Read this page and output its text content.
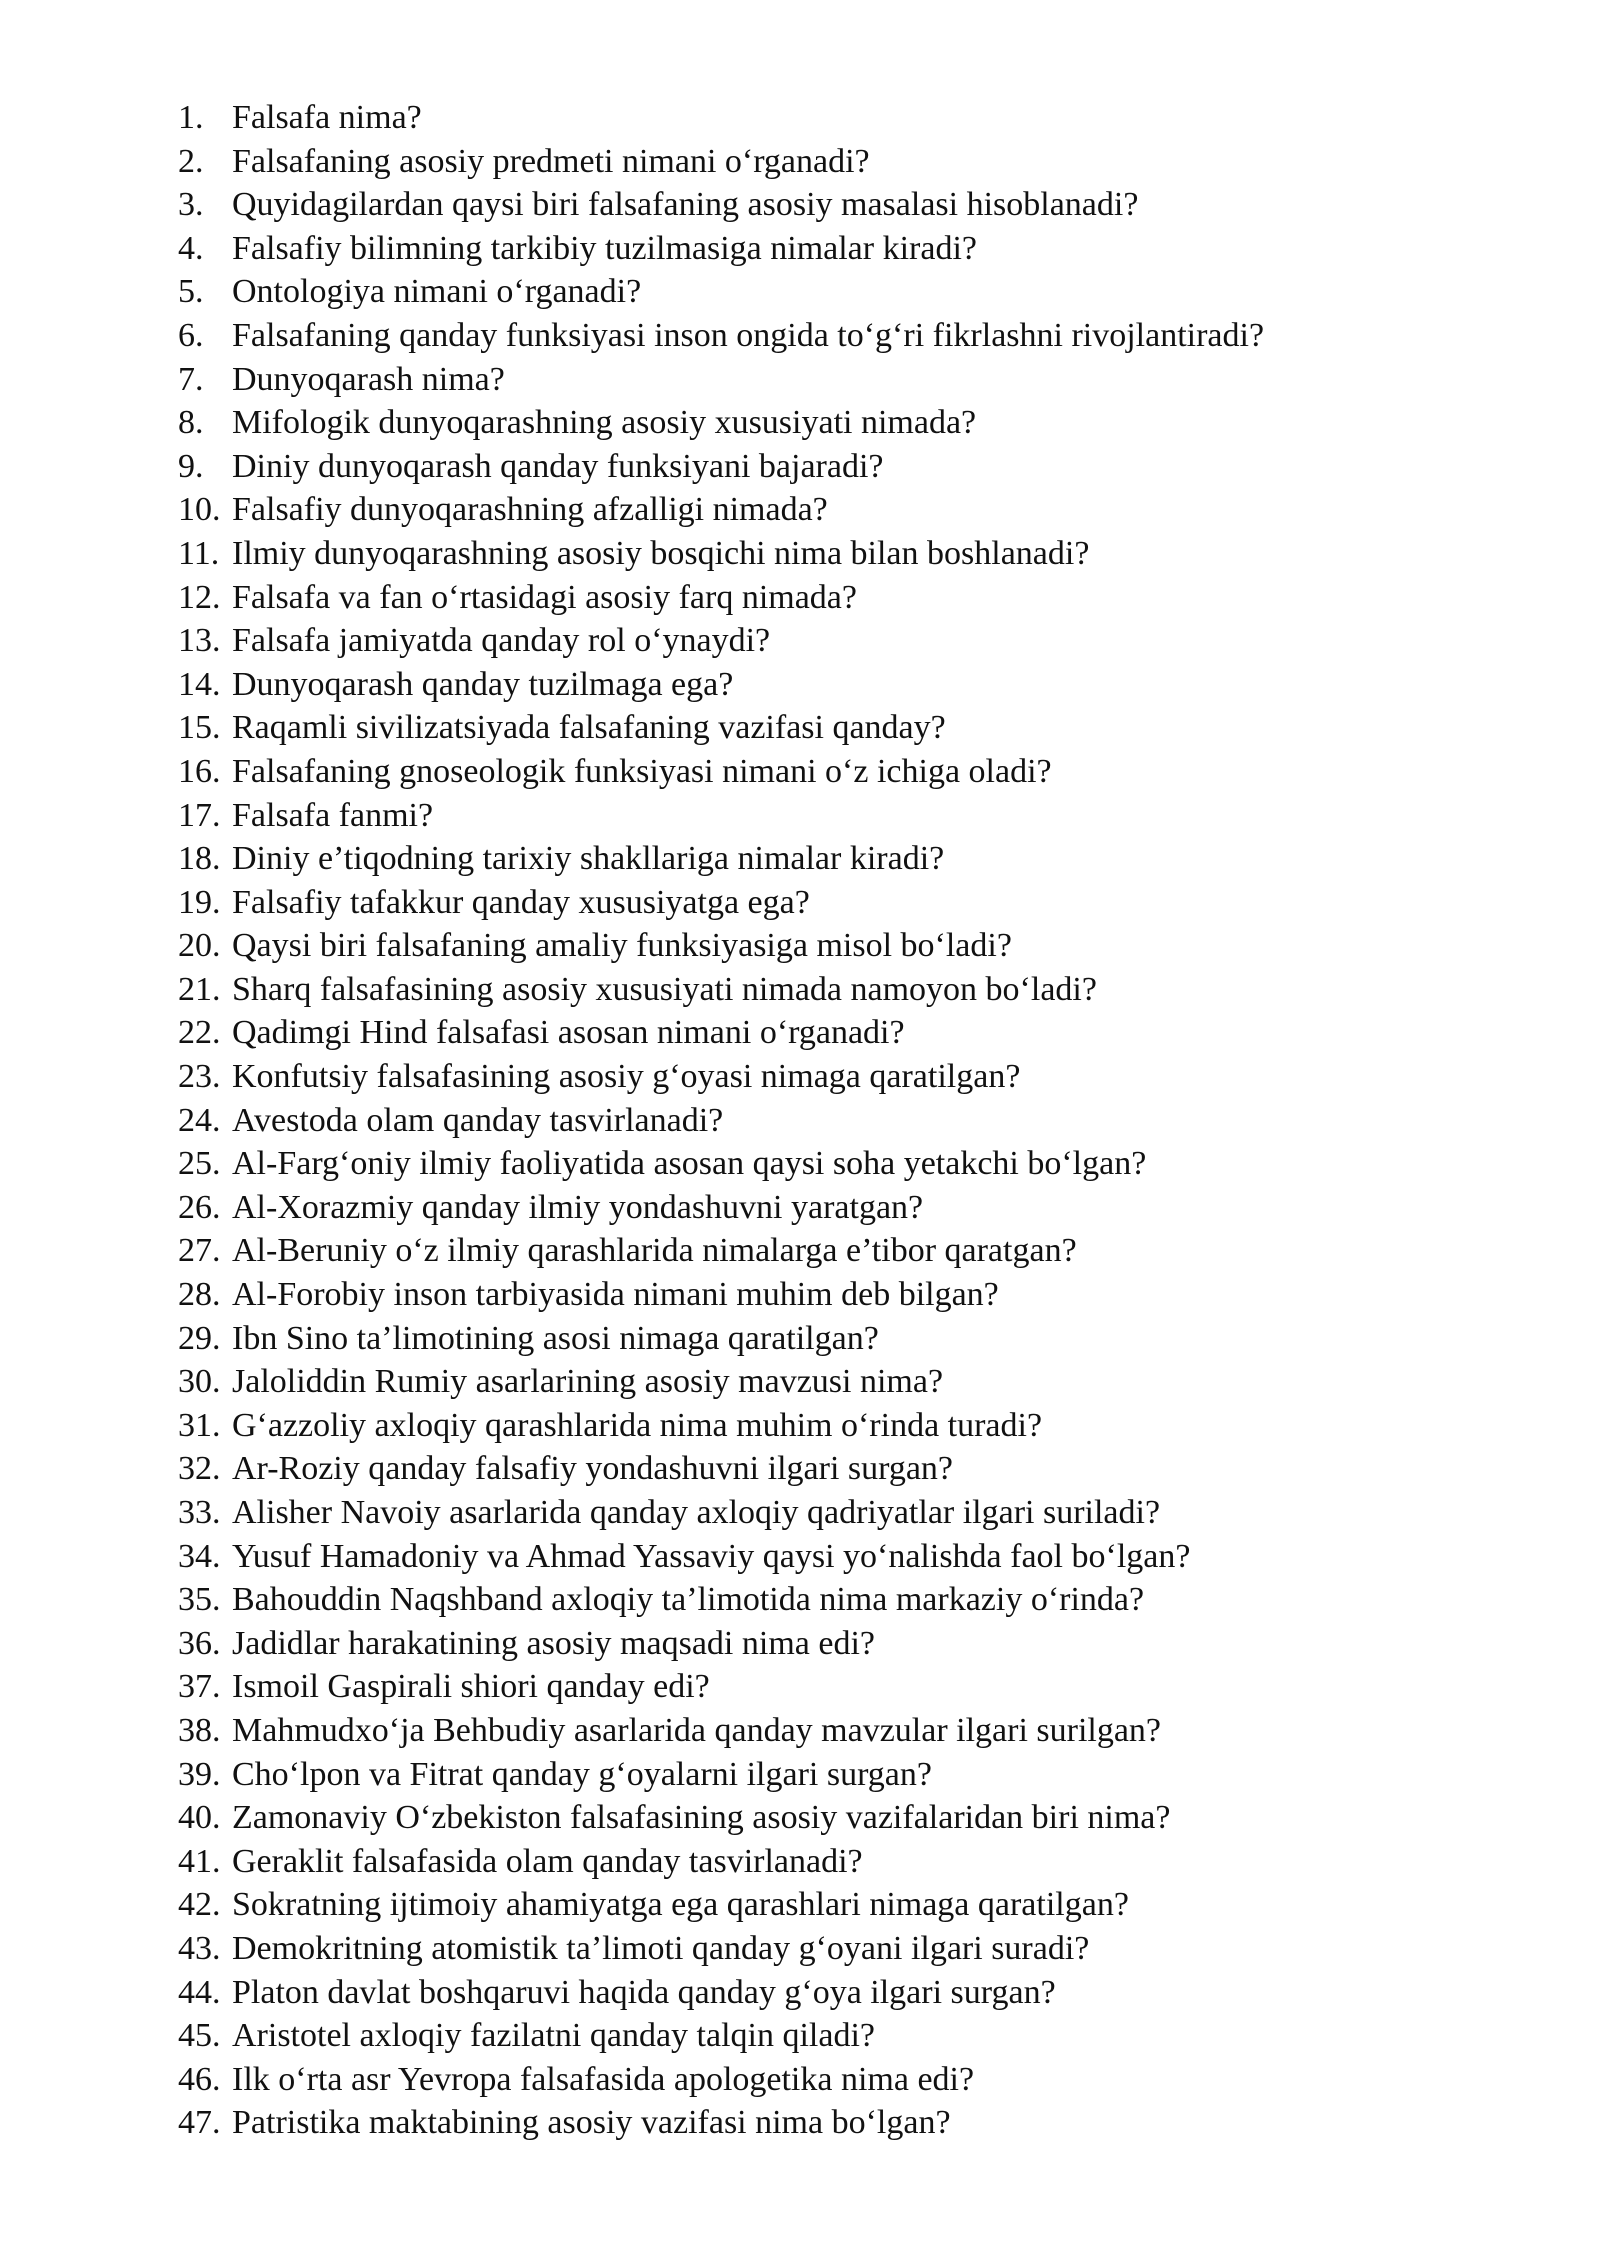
1. Falsafa nima?
2. Falsafaning asosiy predmeti nimani o‘rganadi?
3. Quyidagilardan qaysi biri falsafaning asosiy masalasi hisoblanadi?
4. Falsafiy bilimning tarkibiy tuzilmasiga nimalar kiradi?
5. Ontologiya nimani o‘rganadi?
6. Falsafaning qanday funksiyasi inson ongida to‘g‘ri fikrlashni rivojlantiradi?
7. Dunyoqarash nima?
8. Mifologik dunyoqarashning asosiy xususiyati nimada?
9. Diniy dunyoqarash qanday funksiyani bajaradi?
10. Falsafiy dunyoqarashning afzalligi nimada?
11. Ilmiy dunyoqarashning asosiy bosqichi nima bilan boshlanadi?
12. Falsafa va fan o‘rtasidagi asosiy farq nimada?
13. Falsafa jamiyatda qanday rol o‘ynaydi?
14. Dunyoqarash qanday tuzilmaga ega?
15. Raqamli sivilizatsiyada falsafaning vazifasi qanday?
16. Falsafaning gnoseologik funksiyasi nimani o‘z ichiga oladi?
17. Falsafa fanmi?
18. Diniy e’tiqodning tarixiy shakllariga nimalar kiradi?
19. Falsafiy tafakkur qanday xususiyatga ega?
20. Qaysi biri falsafaning amaliy funksiyasiga misol bo‘ladi?
21. Sharq falsafasining asosiy xususiyati nimada namoyon bo‘ladi?
22. Qadimgi Hind falsafasi asosan nimani o‘rganadi?
23. Konfutsiy falsafasining asosiy g‘oyasi nimaga qaratilgan?
24. Avestoda olam qanday tasvirlanadi?
25. Al-Farg‘oniy ilmiy faoliyatida asosan qaysi soha yetakchi bo‘lgan?
26. Al-Xorazmiy qanday ilmiy yondashuvni yaratgan?
27. Al-Beruniy o‘z ilmiy qarashlarida nimalarga e’tibor qaratgan?
28. Al-Forobiy inson tarbiyasida nimani muhim deb bilgan?
29. Ibn Sino ta’limotining asosi nimaga qaratilgan?
30. Jaloliddin Rumiy asarlarining asosiy mavzusi nima?
31. G‘azzoliy axloqiy qarashlarida nima muhim o‘rinda turadi?
32. Ar-Roziy qanday falsafiy yondashuvni ilgari surgan?
33. Alisher Navoiy asarlarida qanday axloqiy qadriyatlar ilgari suriladi?
34. Yusuf Hamadoniy va Ahmad Yassaviy qaysi yo‘nalishda faol bo‘lgan?
35. Bahouddin Naqshband axloqiy ta’limotida nima markaziy o‘rinda?
36. Jadidlar harakatining asosiy maqsadi nima edi?
37. Ismoil Gaspirali shiori qanday edi?
38. Mahmudxo‘ja Behbudiy asarlarida qanday mavzular ilgari surilgan?
39. Cho‘lpon va Fitrat qanday g‘oyalarni ilgari surgan?
40. Zamonaviy O‘zbekiston falsafasining asosiy vazifalaridan biri nima?
41. Geraklit falsafasida olam qanday tasvirlanadi?
42. Sokratning ijtimoiy ahamiyatga ega qarashlari nimaga qaratilgan?
43. Demokritning atomistik ta’limoti qanday g‘oyani ilgari suradi?
44. Platon davlat boshqaruvi haqida qanday g‘oya ilgari surgan?
45. Aristotel axloqiy fazilatni qanday talqin qiladi?
46. Ilk o‘rta asr Yevropa falsafasida apologetika nima edi?
47. Patristika maktabining asosiy vazifasi nima bo‘lgan?
